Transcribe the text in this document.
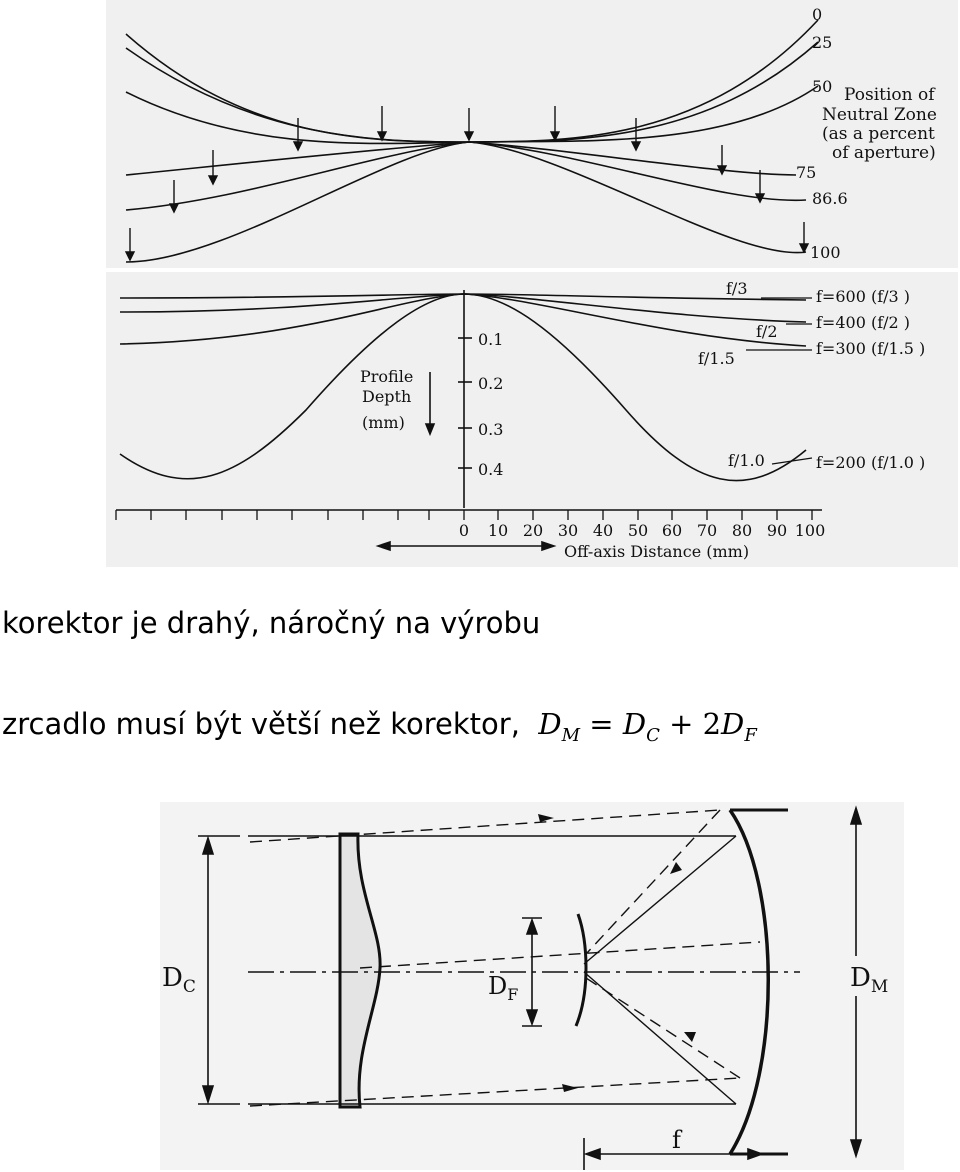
0
25
50
75
86.6
100
Position of
Neutral Zone
(as a percent
of aperture)
f/3
f/2
f/1.5
f/1.0
f=600 (f/3 )
f=400 (f/2 )
f=300 (f/1.5 )
f=200 (f/1.0 )
0.1
0.2
0.3
0.4
Profile
Depth
(mm)
0 10 20 30 40 50 60 70 80 90 100
Off-axis Distance (mm)
korektor je drahý, náročný na výrobu
zrcadlo musí být větší než korektor, $D_M = D_C + 2D_F$
$D_C$	$D_F$
$D_M$
f
